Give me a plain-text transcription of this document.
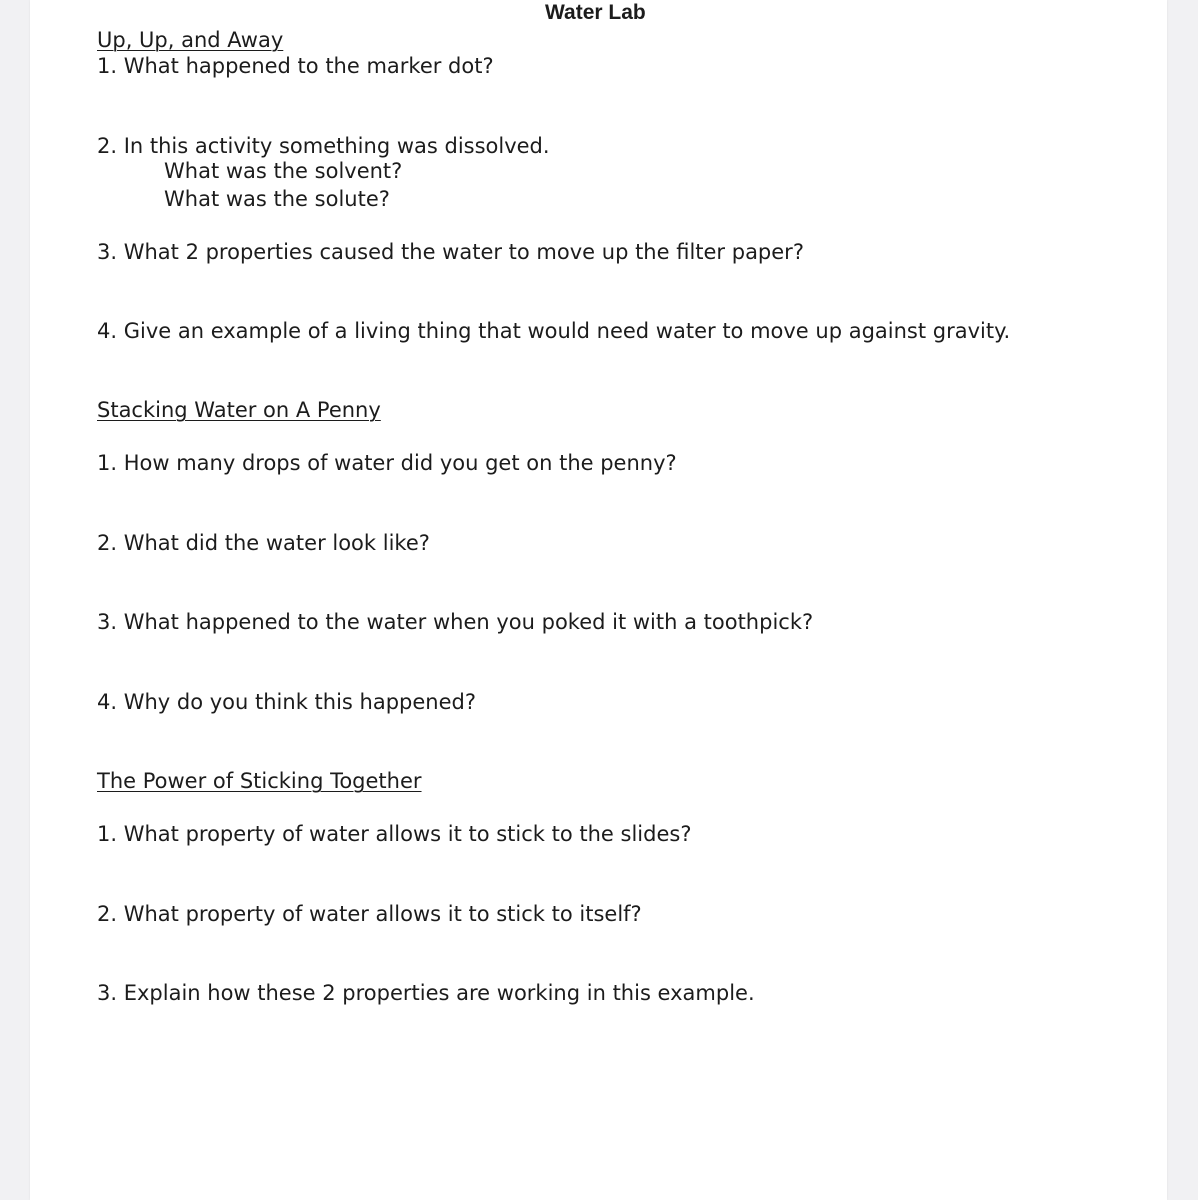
Water Lab
Up, Up, and Away
1. What happened to the marker dot?
2. In this activity something was dissolved.
What was the solvent?
What was the solute?
3. What 2 properties caused the water to move up the filter paper?
4. Give an example of a living thing that would need water to move up against gravity.
Stacking Water on A Penny
1. How many drops of water did you get on the penny?
2. What did the water look like?
3. What happened to the water when you poked it with a toothpick?
4. Why do you think this happened?
The Power of Sticking Together
1. What property of water allows it to stick to the slides?
2. What property of water allows it to stick to itself?
3. Explain how these 2 properties are working in this example.
